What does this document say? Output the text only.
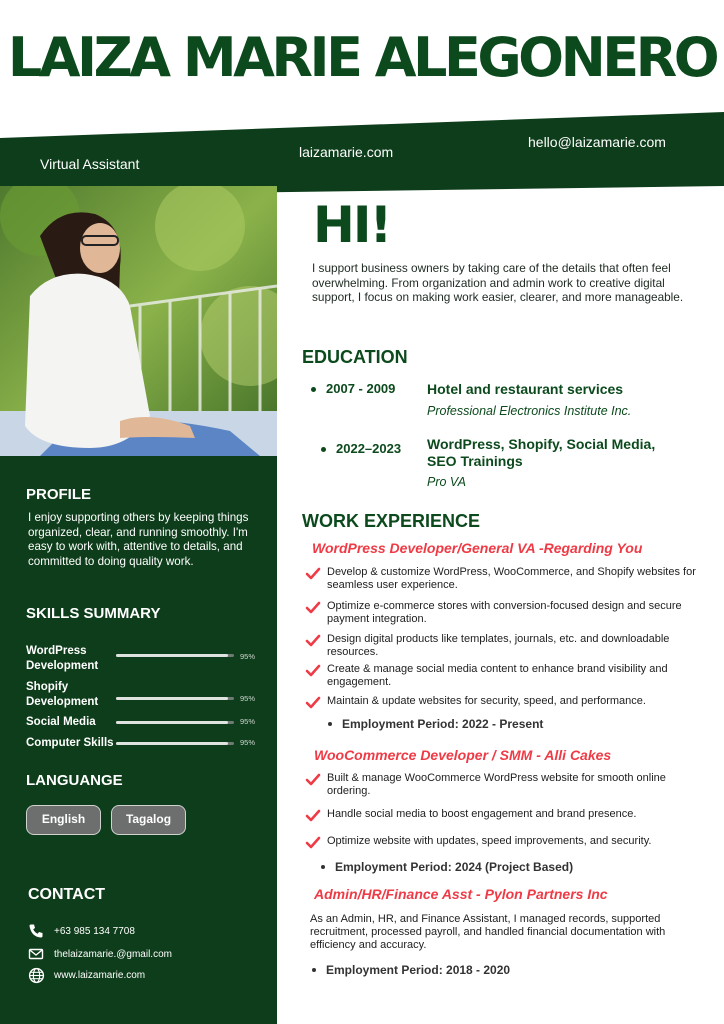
LAIZA MARIE ALEGONERO
Virtual Assistant
laizamarie.com
hello@laizamarie.com
PROFILE
I enjoy supporting others by keeping things organized, clear, and running smoothly. I'm easy to work with, attentive to details, and committed to doing quality work.
SKILLS SUMMARY
WordPress Development
95%
Shopify Development	95%
Social Media	95%
Computer Skills	95%
LANGUANGE
English	Tagalog
CONTACT
+63 985 134 7708
thelaizamarie.@gmail.com
www.laizamarie.com
HI!
I support business owners by taking care of the details that often feel overwhelming. From organization and admin work to creative digital support, I focus on making work easier, clearer, and more manageable.
EDUCATION
2007 - 2009 Hotel and restaurant services
Professional Electronics Institute Inc.
2022–2023 WordPress, Shopify, Social Media, SEO Trainings
Pro VA
WORK EXPERIENCE
WordPress Developer/General VA -Regarding You
Develop & customize WordPress, WooCommerce, and Shopify websites for seamless user experience.
Optimize e-commerce stores with conversion-focused design and secure payment integration.
Design digital products like templates, journals, etc. and downloadable resources.
Create & manage social media content to enhance brand visibility and engagement.
Maintain & update websites for security, speed, and performance.
Employment Period: 2022 - Present
WooCommerce Developer / SMM - Alli Cakes
Built & manage WooCommerce WordPress website for smooth online ordering.
Handle social media to boost engagement and brand presence.
Optimize website with updates, speed improvements, and security.
Employment Period: 2024 (Project Based)
Admin/HR/Finance Asst - Pylon Partners Inc
As an Admin, HR, and Finance Assistant, I managed records, supported recruitment, processed payroll, and handled financial documentation with efficiency and accuracy.
Employment Period: 2018 - 2020
